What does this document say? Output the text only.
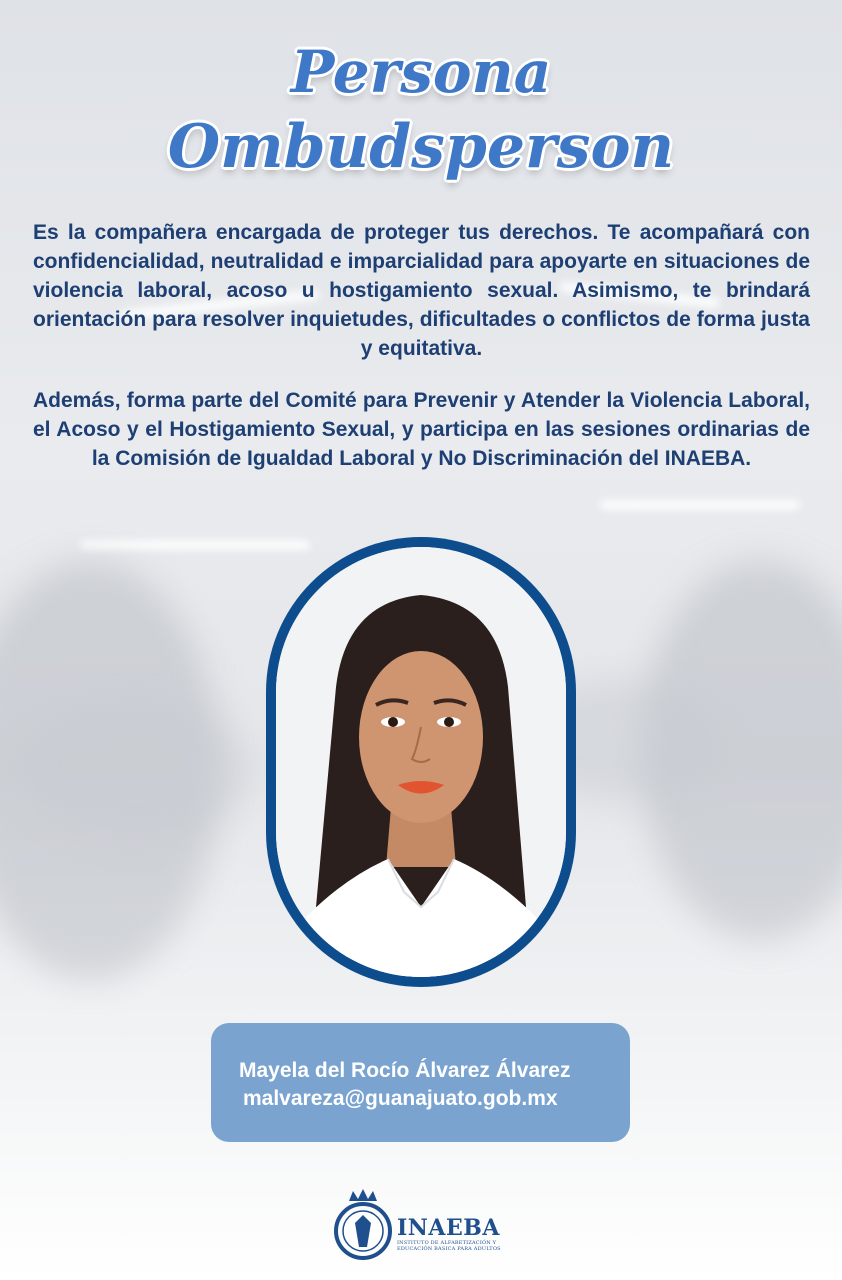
Persona
Ombudsperson

Es la compañera encargada de proteger tus derechos. Te acompañará con confidencialidad, neutralidad e imparcialidad para apoyarte en situaciones de violencia laboral, acoso u hostigamiento sexual. Asimismo, te brindará orientación para resolver inquietudes, dificultades o conflictos de forma justa y equitativa.

Además, forma parte del Comité para Prevenir y Atender la Violencia Laboral, el Acoso y el Hostigamiento Sexual, y participa en las sesiones ordinarias de la Comisión de Igualdad Laboral y No Discriminación del INAEBA.

Mayela del Rocío Álvarez Álvarez

malvareza@guanajuato.gob.mx

INAEBA

INSTITUTO DE ALFABETIZACIÓN Y EDUCACIÓN BÁSICA PARA ADULTOS
